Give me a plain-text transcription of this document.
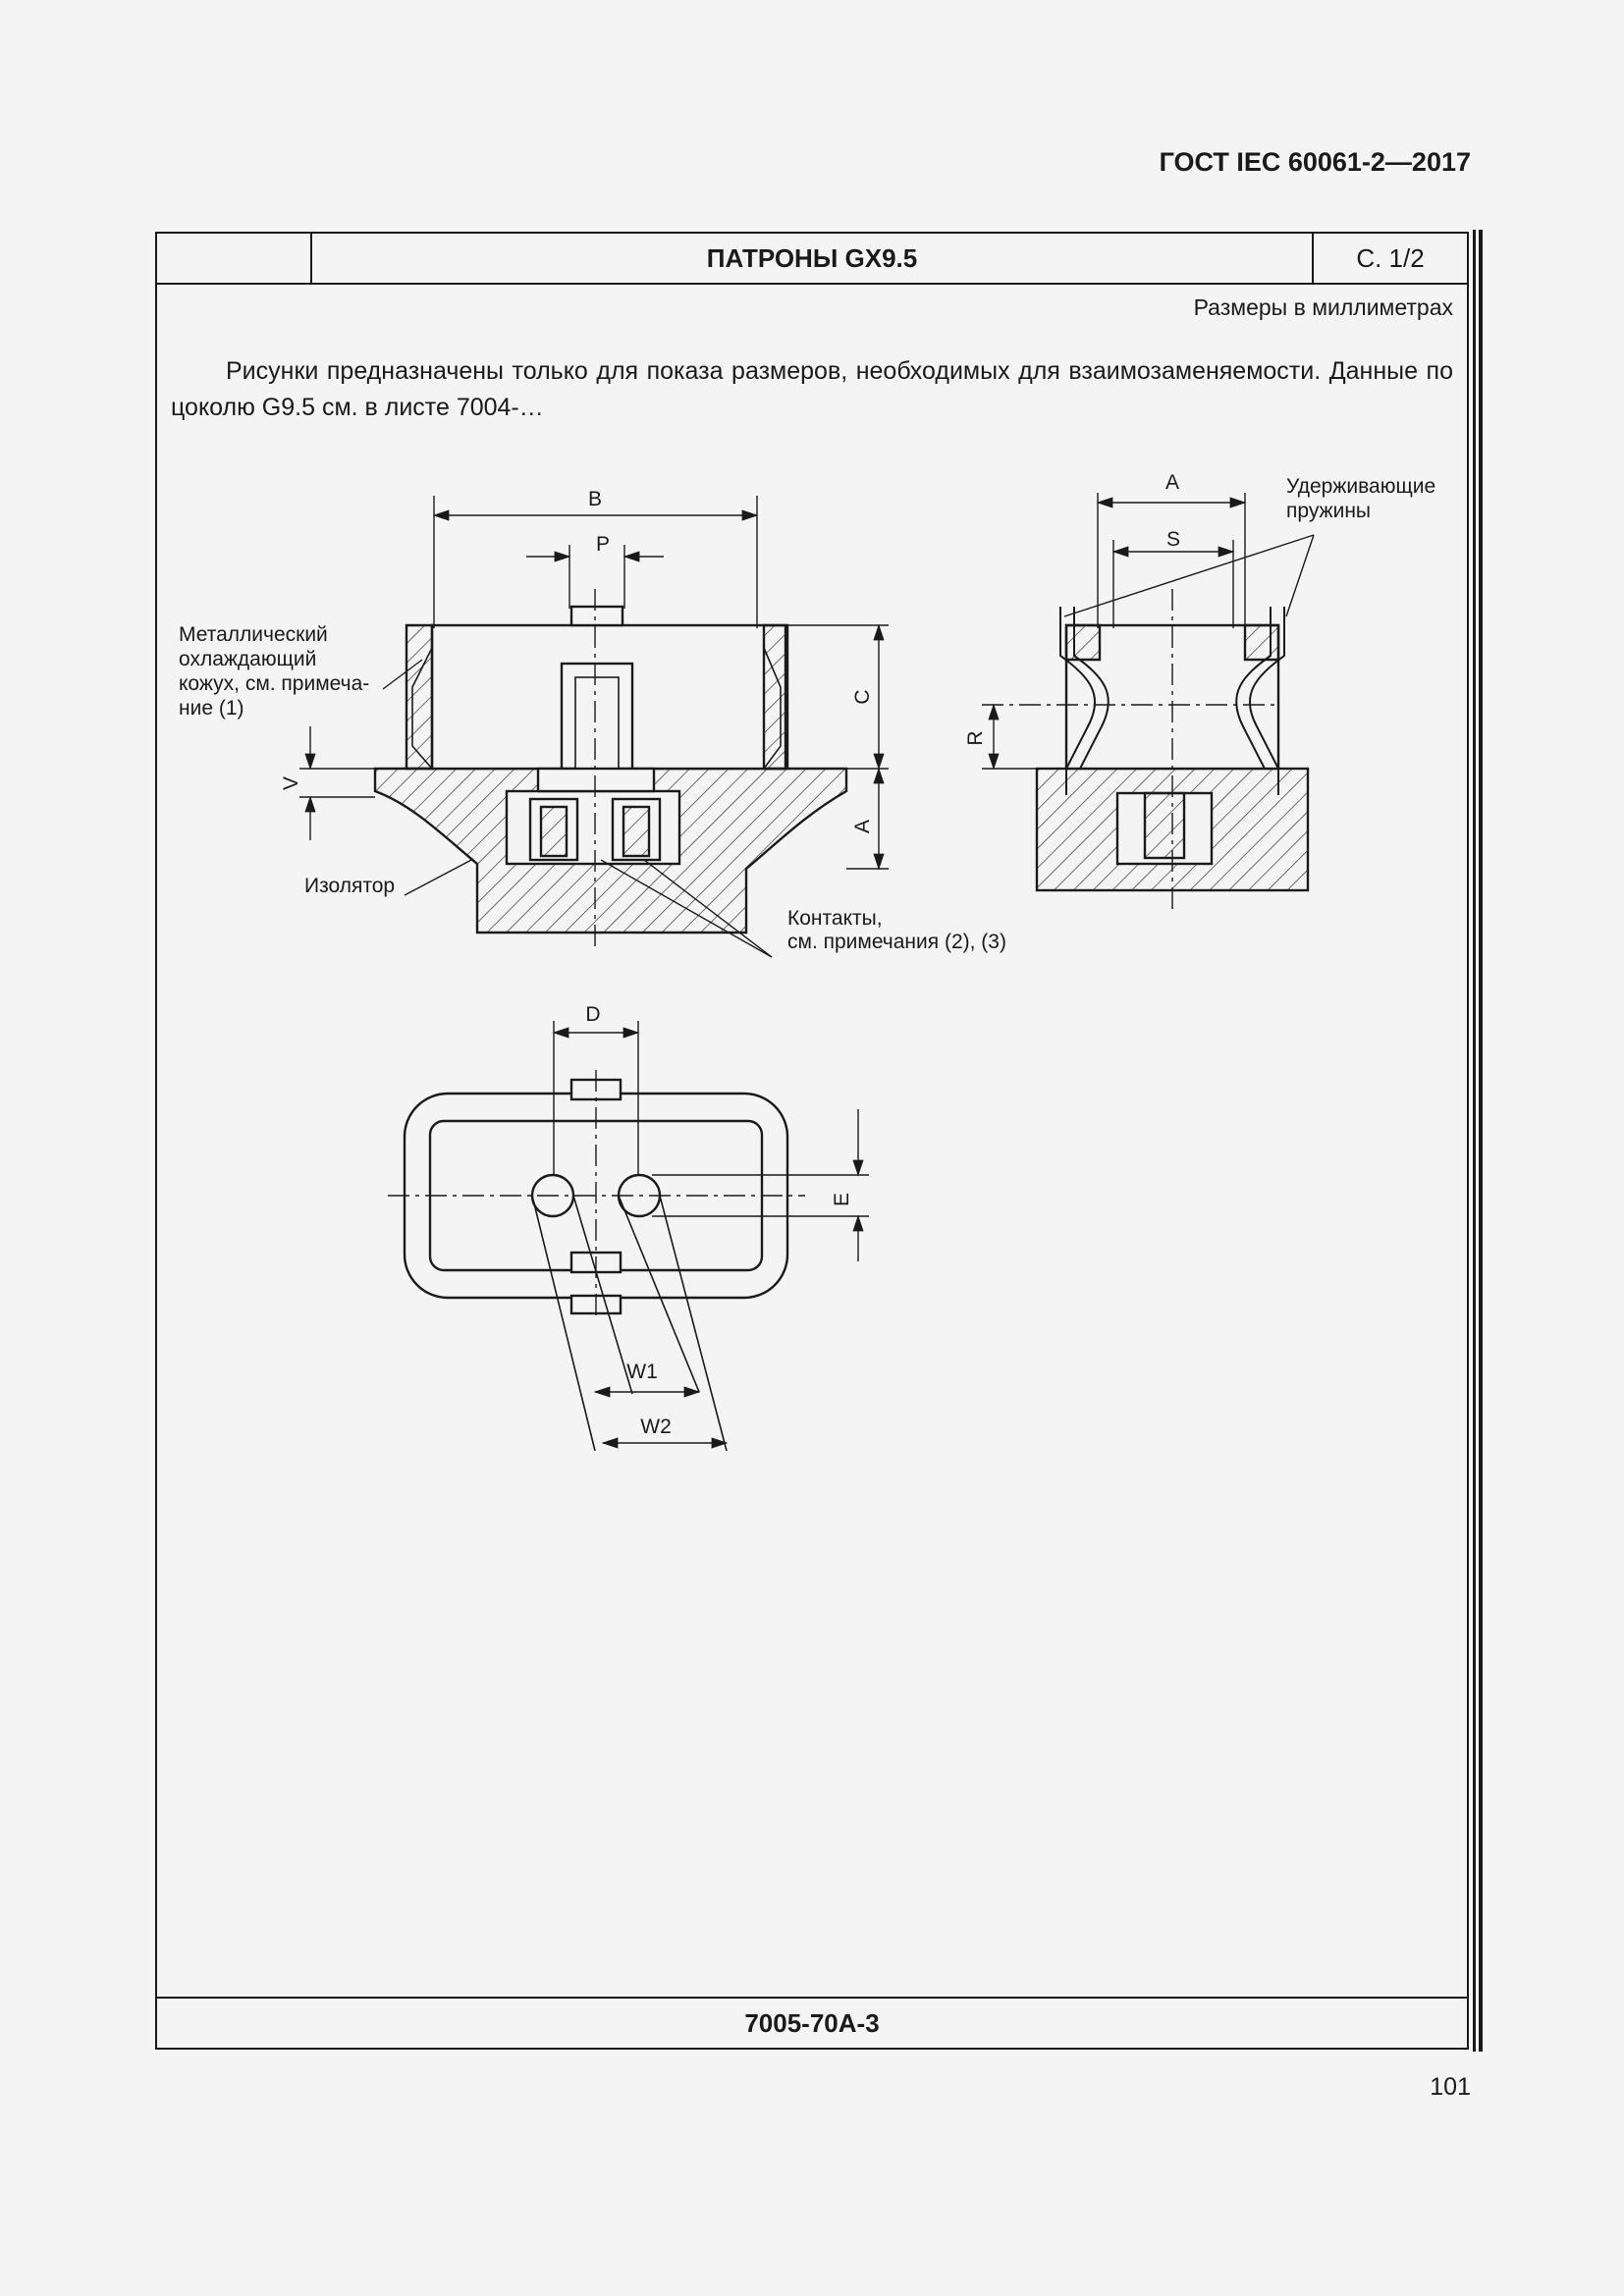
ГОСТ IEC 60061-2—2017
ПАТРОНЫ GX9.5	С. 1/2
Размеры в миллиметрах
Рисунки предназначены только для показа размеров, необходимых для взаимозаменяемости. Данные по цоколю G9.5 см. в листе 7004-…
7005-70A-3
101
B
P
C
A
V
Металлический охлаждающий кожух, см. примеча- ние (1)
Изолятор
Контакты, см. примечания (2), (3)
A
S
R
Удерживающие пружины
D
E
W1
W2
